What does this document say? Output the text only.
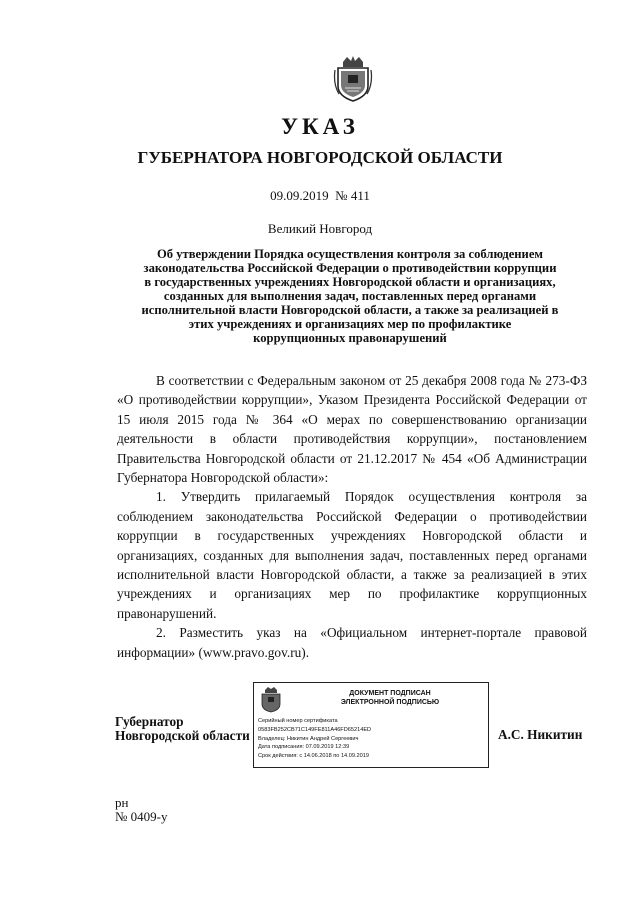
УКАЗ
ГУБЕРНАТОРА НОВГОРОДСКОЙ ОБЛАСТИ
09.09.2019 № 411
Великий Новгород
Об утверждении Порядка осуществления контроля за соблюдением
законодательства Российской Федерации о противодействии коррупции
в государственных учреждениях Новгородской области и организациях,
созданных для выполнения задач, поставленных перед органами
исполнительной власти Новгородской области, а также за реализацией в
этих учреждениях и организациях мер по профилактике
коррупционных правонарушений

В соответствии с Федеральным законом от 25 декабря 2008 года № 273-ФЗ «О противодействии коррупции», Указом Президента Российской Федерации от 15 июля 2015 года № 364 «О мерах по совершенствованию организации деятельности в области противодействия коррупции», постановлением Правительства Новгородской области от 21.12.2017 № 454 «Об Администрации Губернатора Новгородской области»:

1. Утвердить прилагаемый Порядок осуществления контроля за соблюдением законодательства Российской Федерации о противодействии коррупции в государственных учреждениях Новгородской области и организациях, созданных для выполнения задач, поставленных перед органами исполнительной власти Новгородской области, а также за реализацией в этих учреждениях и организациях мер по профилактике коррупционных правонарушений.

2. Разместить указ на «Официальном интернет-портале правовой информации» (www.pravo.gov.ru).

Губернатор
Новгородской области
ДОКУМЕНТ ПОДПИСАН
ЭЛЕКТРОННОЙ ПОДПИСЬЮ
Серийный номер сертификата
0583FB252CB71C149FE811A46FD65214ED
Владелец: Никитин Андрей Сергеевич
Дата подписания: 07.09.2019 12:39
Срок действия: с 14.06.2018 по 14.09.2019
А.С. Никитин
рн
№ 0409-у
